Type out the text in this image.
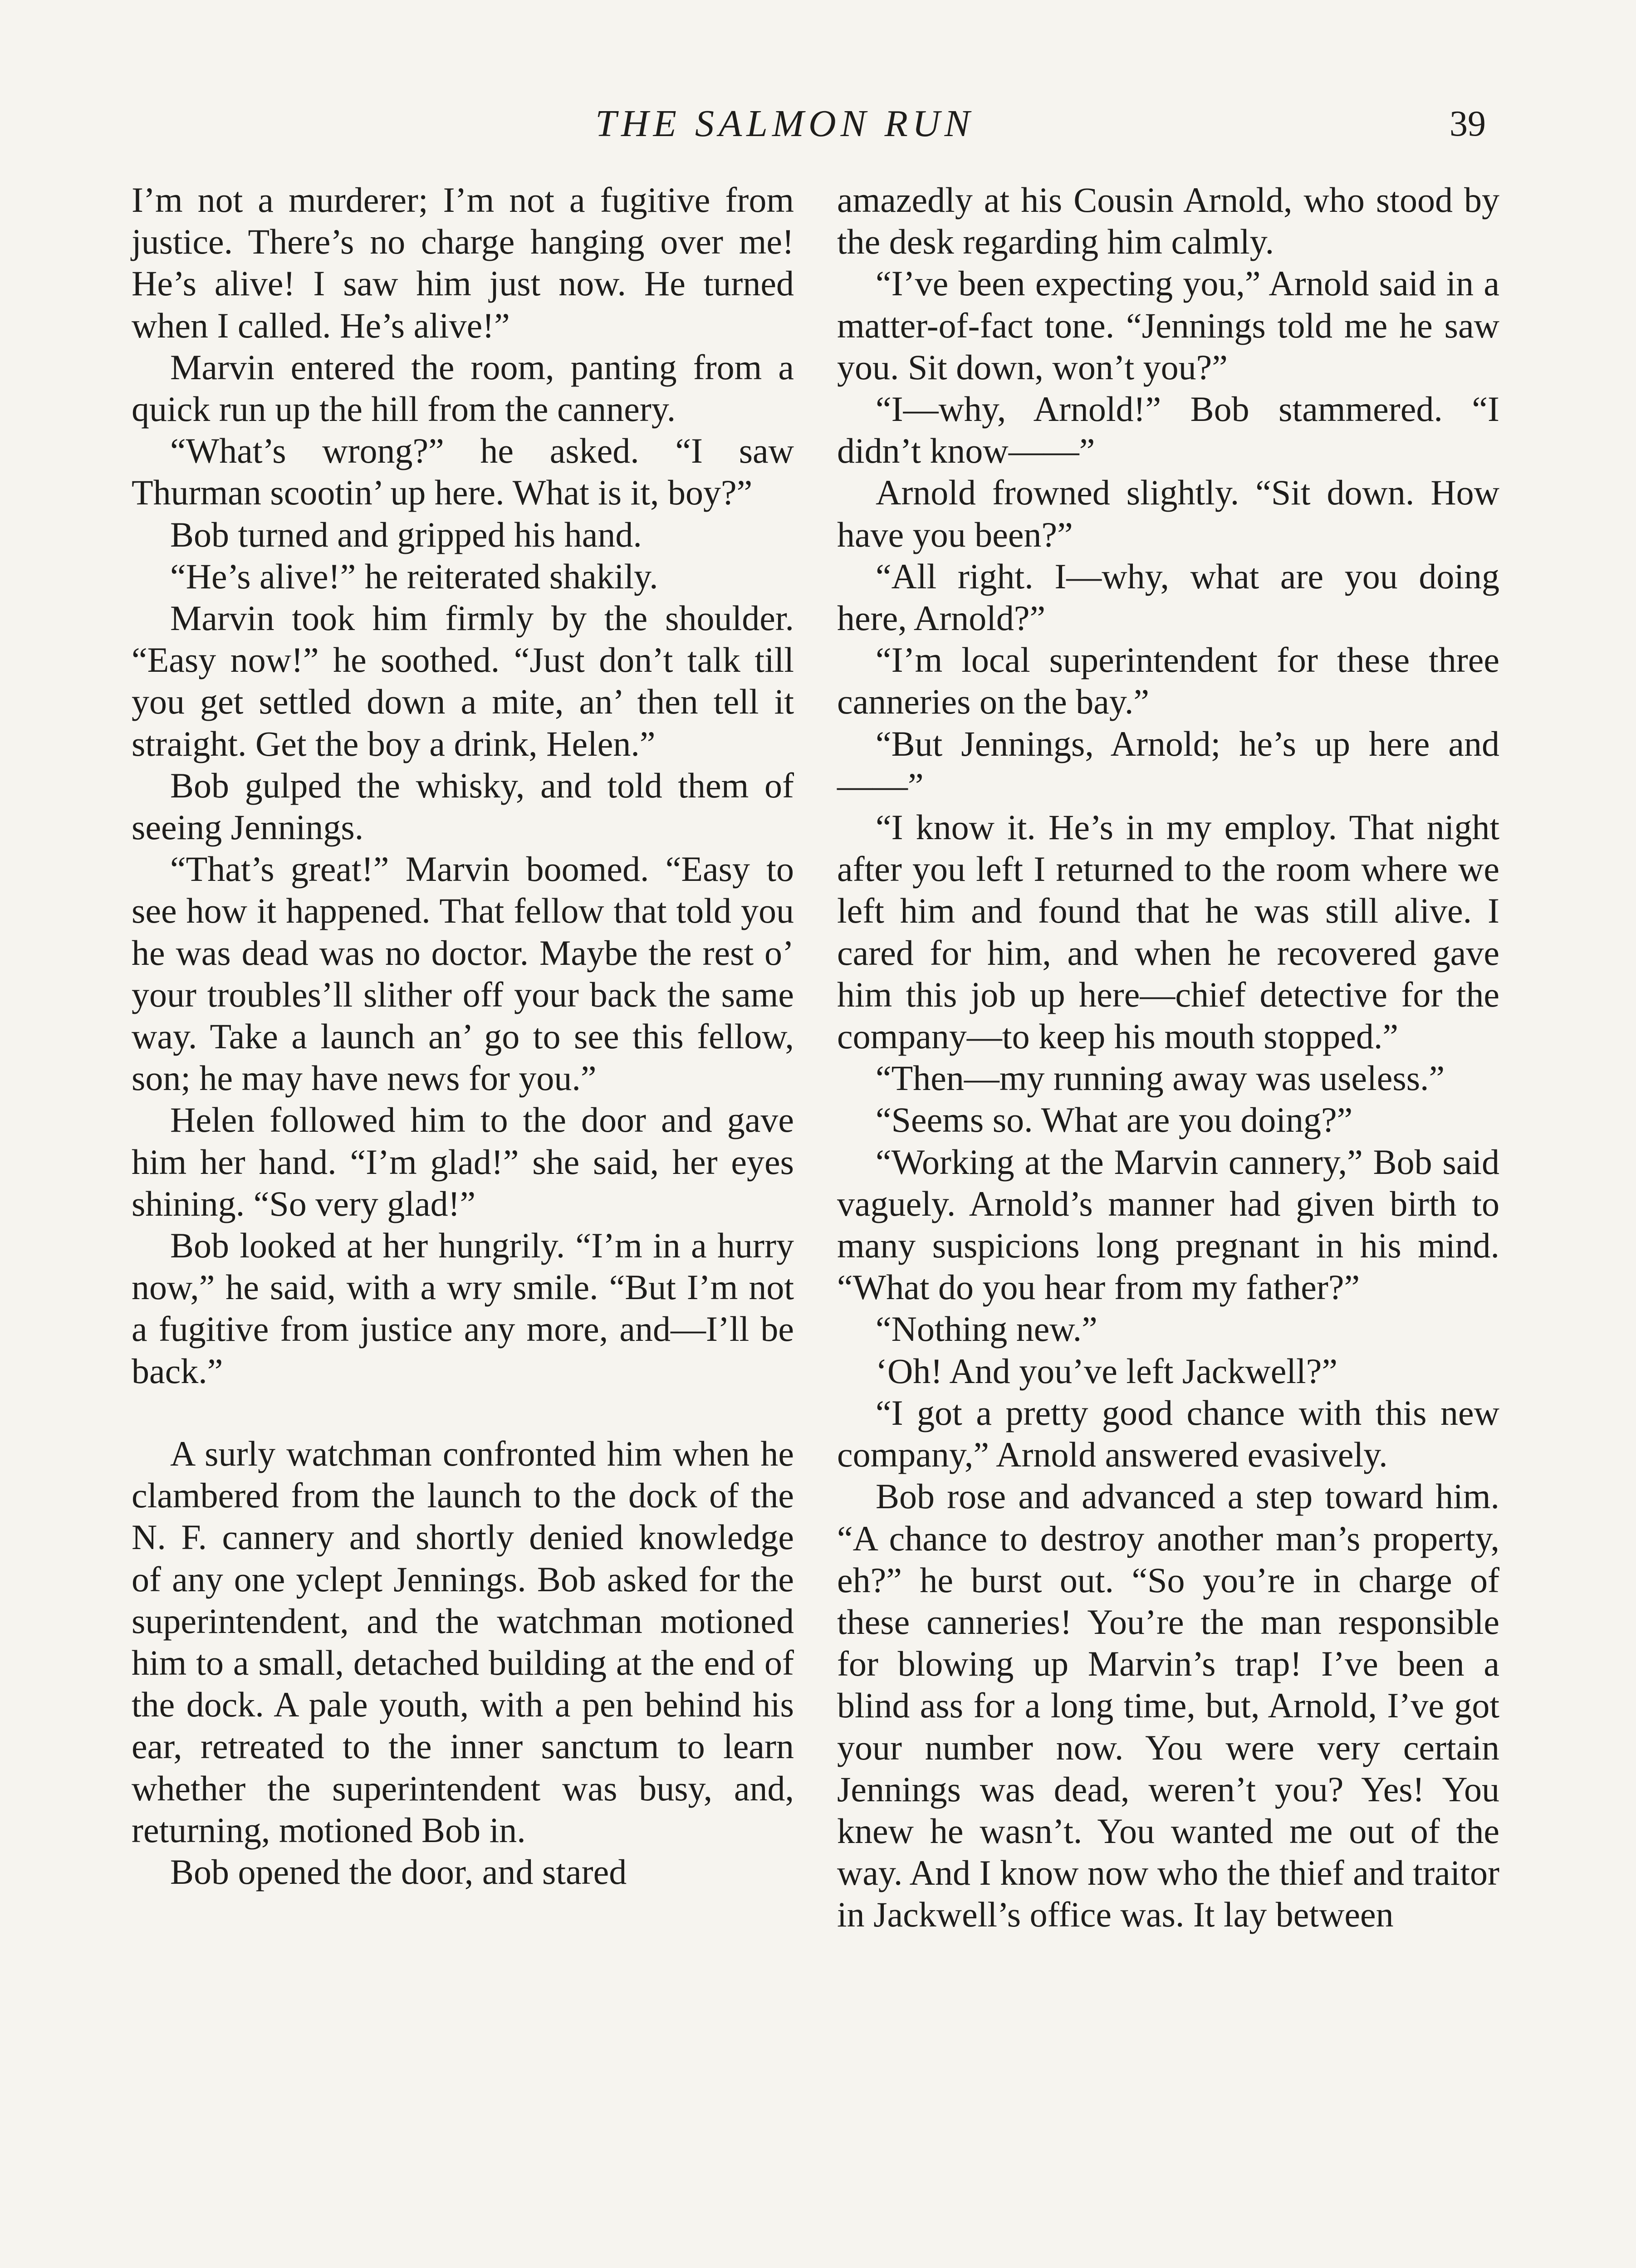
THE SALMON RUN	39

I’m not a murderer; I’m not a fugitive from justice. There’s no charge hanging over me! He’s alive! I saw him just now. He turned when I called. He’s alive!”

Marvin entered the room, panting from a quick run up the hill from the cannery.

“What’s wrong?” he asked. “I saw Thurman scootin’ up here. What is it, boy?”

Bob turned and gripped his hand.

“He’s alive!” he reiterated shakily.

Marvin took him firmly by the shoulder. “Easy now!” he soothed. “Just don’t talk till you get settled down a mite, an’ then tell it straight. Get the boy a drink, Helen.”

Bob gulped the whisky, and told them of seeing Jennings.

“That’s great!” Marvin boomed. “Easy to see how it happened. That fellow that told you he was dead was no doctor. Maybe the rest o’ your troubles’ll slither off your back the same way. Take a launch an’ go to see this fellow, son; he may have news for you.”

Helen followed him to the door and gave him her hand. “I’m glad!” she said, her eyes shining. “So very glad!”

Bob looked at her hungrily. “I’m in a hurry now,” he said, with a wry smile. “But I’m not a fugitive from justice any more, and—I’ll be back.”

A surly watchman confronted him when he clambered from the launch to the dock of the N. F. cannery and shortly denied knowledge of any one yclept Jennings. Bob asked for the superintendent, and the watchman motioned him to a small, detached building at the end of the dock. A pale youth, with a pen behind his ear, retreated to the inner sanctum to learn whether the superintendent was busy, and, returning, motioned Bob in.

Bob opened the door, and stared

amazedly at his Cousin Arnold, who stood by the desk regarding him calmly.

“I’ve been expecting you,” Arnold said in a matter-of-fact tone. “Jennings told me he saw you. Sit down, won’t you?”

“I—why, Arnold!” Bob stammered. “I didn’t know——”

Arnold frowned slightly. “Sit down. How have you been?”

“All right. I—why, what are you doing here, Arnold?”

“I’m local superintendent for these three canneries on the bay.”

“But Jennings, Arnold; he’s up here and——”

“I know it. He’s in my employ. That night after you left I returned to the room where we left him and found that he was still alive. I cared for him, and when he recovered gave him this job up here—chief detective for the company—to keep his mouth stopped.”

“Then—my running away was useless.”

“Seems so. What are you doing?”

“Working at the Marvin cannery,” Bob said vaguely. Arnold’s manner had given birth to many suspicions long pregnant in his mind. “What do you hear from my father?”

“Nothing new.”

‘Oh! And you’ve left Jackwell?”

“I got a pretty good chance with this new company,” Arnold answered evasively.

Bob rose and advanced a step toward him. “A chance to destroy another man’s property, eh?” he burst out. “So you’re in charge of these canneries! You’re the man responsible for blowing up Marvin’s trap! I’ve been a blind ass for a long time, but, Arnold, I’ve got your number now. You were very certain Jennings was dead, weren’t you? Yes! You knew he wasn’t. You wanted me out of the way. And I know now who the thief and traitor in Jackwell’s office was. It lay between
